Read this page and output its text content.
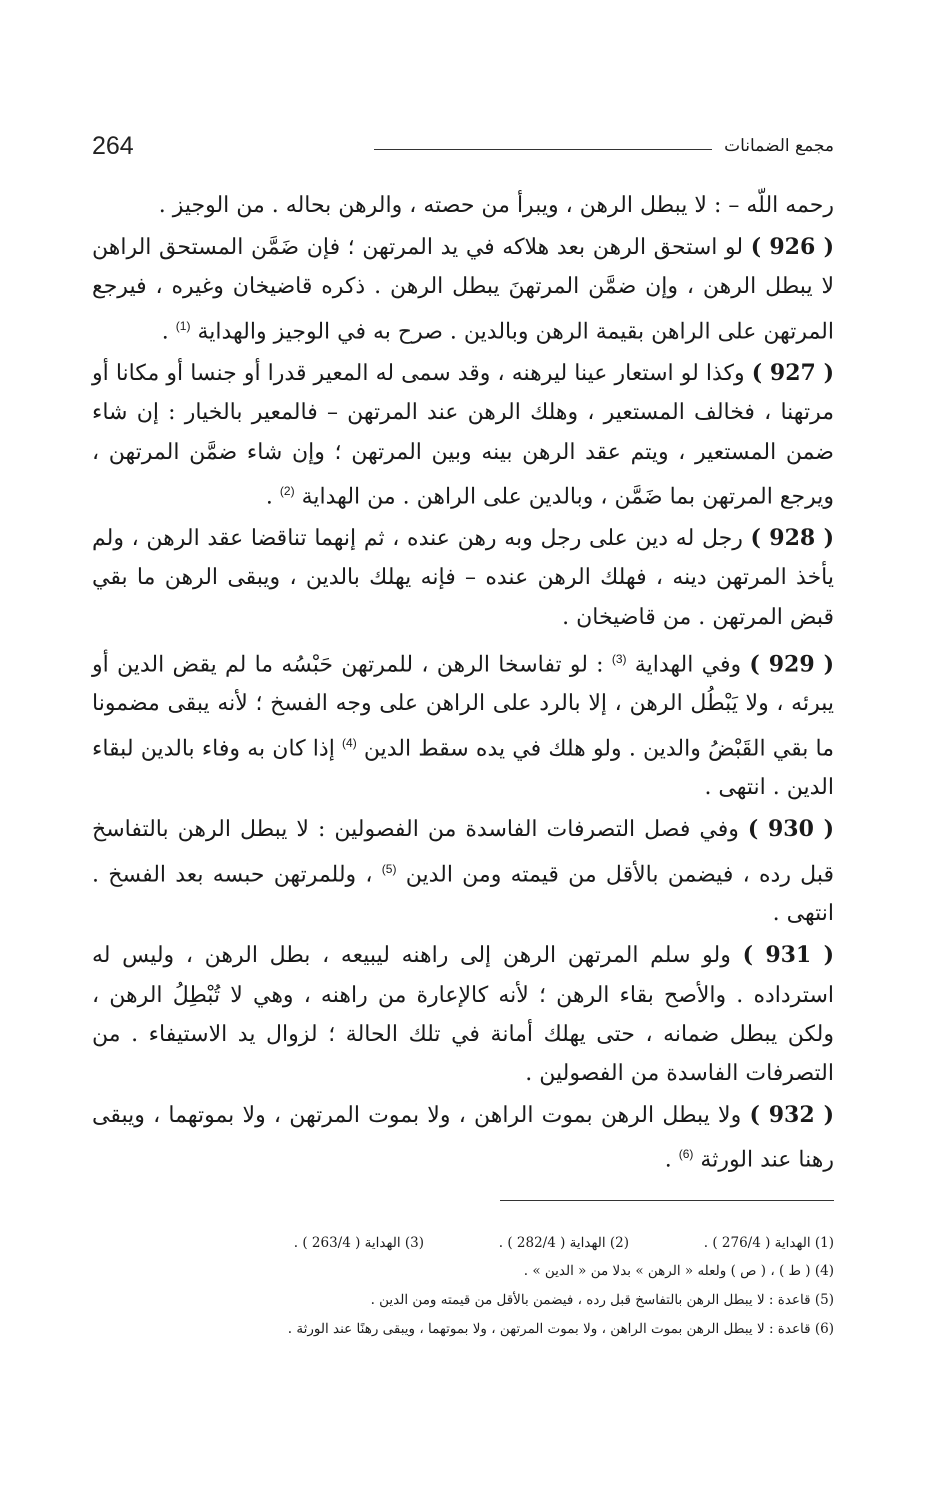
264	مجمع الضمانات

رحمه اللّه – : لا يبطل الرهن ، ويبرأ من حصته ، والرهن بحاله . من الوجيز .

( 926 ) لو استحق الرهن بعد هلاكه في يد المرتهن ؛ فإن ضَمَّن المستحق الراهن لا يبطل الرهن ، وإن ضمَّن المرتهنَ يبطل الرهن . ذكره قاضيخان وغيره ، فيرجع المرتهن على الراهن بقيمة الرهن وبالدين . صرح به في الوجيز والهداية $^{(1)}$ .

( 927 ) وكذا لو استعار عينا ليرهنه ، وقد سمى له المعير قدرا أو جنسا أو مكانا أو مرتهنا ، فخالف المستعير ، وهلك الرهن عند المرتهن – فالمعير بالخيار : إن شاء ضمن المستعير ، ويتم عقد الرهن بينه وبين المرتهن ؛ وإن شاء ضمَّن المرتهن ، ويرجع المرتهن بما ضَمَّن ، وبالدين على الراهن . من الهداية $^{(2)}$ .

( 928 ) رجل له دين على رجل وبه رهن عنده ، ثم إنهما تناقضا عقد الرهن ، ولم يأخذ المرتهن دينه ، فهلك الرهن عنده – فإنه يهلك بالدين ، ويبقى الرهن ما بقي قبض المرتهن . من قاضيخان .

( 929 ) وفي الهداية $^{(3)}$ : لو تفاسخا الرهن ، للمرتهن حَبْسُه ما لم يقض الدين أو يبرئه ، ولا يَبْطُل الرهن ، إلا بالرد على الراهن على وجه الفسخ ؛ لأنه يبقى مضمونا ما بقي القَبْضُ والدين . ولو هلك في يده سقط الدين $^{(4)}$ إذا كان به وفاء بالدين لبقاء الدين . انتهى .

( 930 ) وفي فصل التصرفات الفاسدة من الفصولين : لا يبطل الرهن بالتفاسخ قبل رده ، فيضمن بالأقل من قيمته ومن الدين $^{(5)}$ ، وللمرتهن حبسه بعد الفسخ . انتهى .

( 931 ) ولو سلم المرتهن الرهن إلى راهنه ليبيعه ، بطل الرهن ، وليس له استرداده . والأصح بقاء الرهن ؛ لأنه كالإعارة من راهنه ، وهي لا تُبْطِلُ الرهن ، ولكن يبطل ضمانه ، حتى يهلك أمانة في تلك الحالة ؛ لزوال يد الاستيفاء . من التصرفات الفاسدة من الفصولين .

( 932 ) ولا يبطل الرهن بموت الراهن ، ولا بموت المرتهن ، ولا بموتهما ، ويبقى رهنا عند الورثة $^{(6)}$ .

(1) الهداية ( 276/4 ) .
(2) الهداية ( 282/4 ) .
(3) الهداية ( 263/4 ) .
(4) ( ط ) ، ( ص ) ولعله « الرهن » بدلا من « الدين » .
(5) قاعدة : لا يبطل الرهن بالتفاسخ قبل رده ، فيضمن بالأقل من قيمته ومن الدين .
(6) قاعدة : لا يبطل الرهن بموت الراهن ، ولا بموت المرتهن ، ولا بموتهما ، ويبقى رهنًا عند الورثة .
